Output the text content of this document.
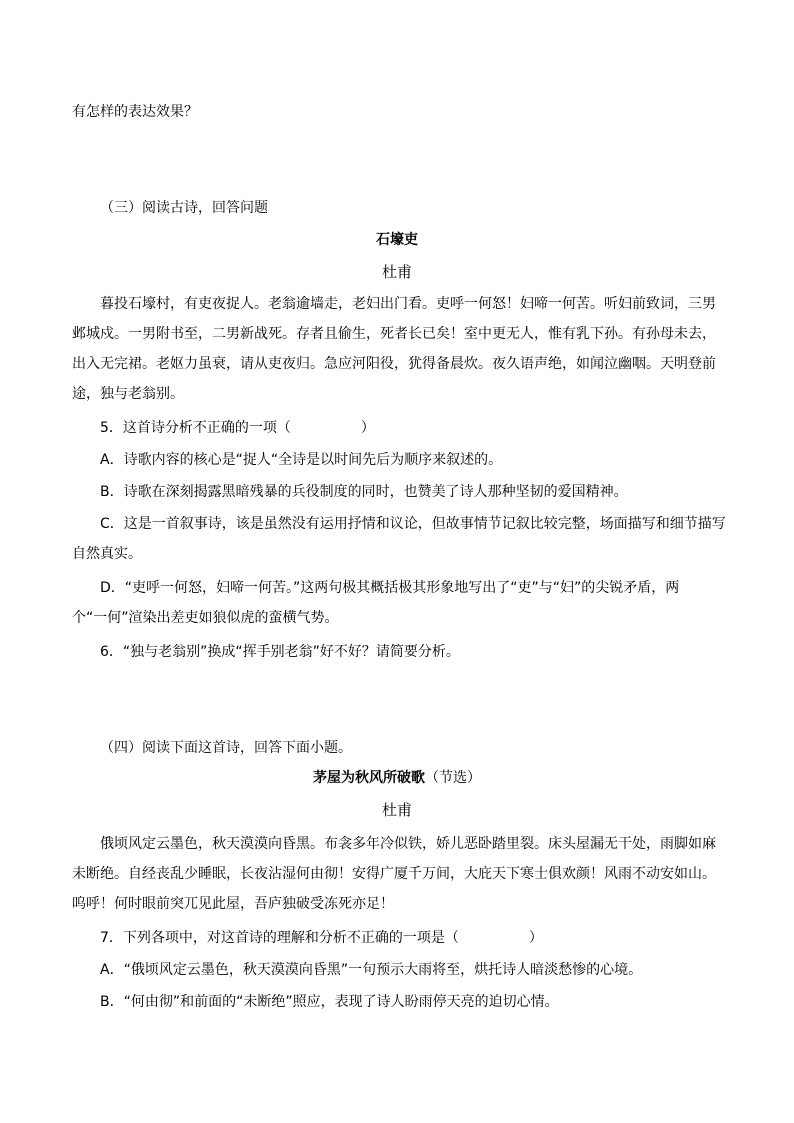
有怎样的表达效果？
（三）阅读古诗，回答问题
石壕吏
杜甫
暮投石壕村，有吏夜捉人。老翁逾墙走，老妇出门看。吏呼一何怒！妇啼一何苦。听妇前致词，三男
邺城戍。一男附书至，二男新战死。存者且偷生，死者长已矣！室中更无人，惟有乳下孙。有孙母未去，
出入无完裙。老妪力虽衰，请从吏夜归。急应河阳役，犹得备晨炊。夜久语声绝，如闻泣幽咽。天明登前
途，独与老翁别。
5．这首诗分析不正确的一项（　　　　　）
A．诗歌内容的核心是“捉人“全诗是以时间先后为顺序来叙述的。
B．诗歌在深刻揭露黑暗残暴的兵役制度的同时，也赞美了诗人那种坚韧的爱国精神。
C．这是一首叙事诗，该是虽然没有运用抒情和议论，但故事情节记叙比较完整，场面描写和细节描写
自然真实。
D．“吏呼一何怒，妇啼一何苦。”这两句极其概括极其形象地写出了“吏”与“妇”的尖锐矛盾，两
个“一何”渲染出差吏如狼似虎的蛮横气势。
6．“独与老翁别”换成“挥手别老翁”好不好？请简要分析。
（四）阅读下面这首诗，回答下面小题。
茅屋为秋风所破歌（节选）
杜甫
俄顷风定云墨色，秋天漠漠向昏黑。布衾多年冷似铁，娇儿恶卧踏里裂。床头屋漏无干处，雨脚如麻
未断绝。自经丧乱少睡眠，长夜沾湿何由彻！安得广厦千万间，大庇天下寒士俱欢颜！风雨不动安如山。
呜呼！何时眼前突兀见此屋，吾庐独破受冻死亦足！
7．下列各项中，对这首诗的理解和分析不正确的一项是（　　　　　）
A．“俄顷风定云墨色，秋天漠漠向昏黑”一句预示大雨将至，烘托诗人暗淡愁惨的心境。
B．“何由彻”和前面的“未断绝”照应，表现了诗人盼雨停天亮的迫切心情。
